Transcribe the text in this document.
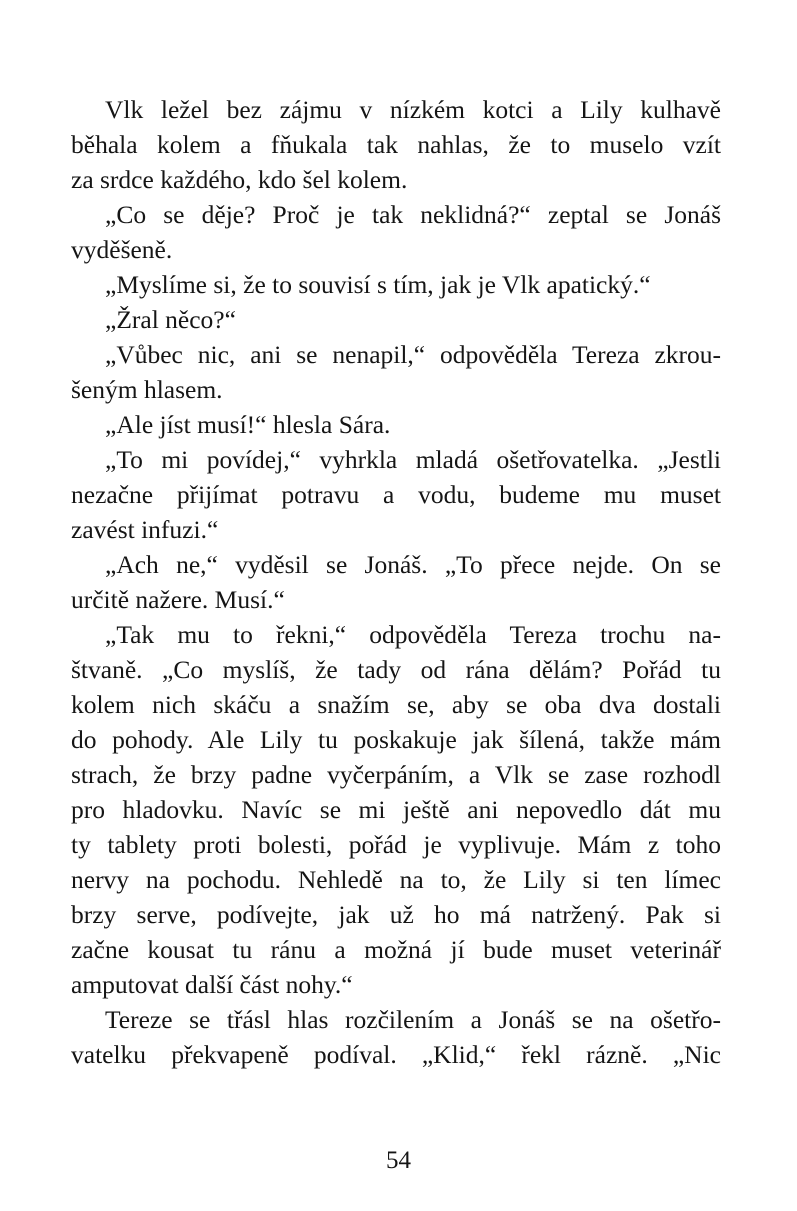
Vlk ležel bez zájmu v nízkém kotci a Lily kulhavě
běhala kolem a fňukala tak nahlas, že to muselo vzít
za srdce každého, kdo šel kolem.
„Co se děje? Proč je tak neklidná?“ zeptal se Jonáš
vyděšeně.
„Myslíme si, že to souvisí s tím, jak je Vlk apatický.“
„Žral něco?“
„Vůbec nic, ani se nenapil,“ odpověděla Tereza zkrou-
šeným hlasem.
„Ale jíst musí!“ hlesla Sára.
„To mi povídej,“ vyhrkla mladá ošetřovatelka. „Jestli
nezačne přijímat potravu a vodu, budeme mu muset
zavést infuzi.“
„Ach ne,“ vyděsil se Jonáš. „To přece nejde. On se
určitě nažere. Musí.“
„Tak mu to řekni,“ odpověděla Tereza trochu na-
štvaně. „Co myslíš, že tady od rána dělám? Pořád tu
kolem nich skáču a snažím se, aby se oba dva dostali
do pohody. Ale Lily tu poskakuje jak šílená, takže mám
strach, že brzy padne vyčerpáním, a Vlk se zase rozhodl
pro hladovku. Navíc se mi ještě ani nepovedlo dát mu
ty tablety proti bolesti, pořád je vyplivuje. Mám z toho
nervy na pochodu. Nehledě na to, že Lily si ten límec
brzy serve, podívejte, jak už ho má natržený. Pak si
začne kousat tu ránu a možná jí bude muset veterinář
amputovat další část nohy.“
Tereze se třásl hlas rozčilením a Jonáš se na ošetřo-
vatelku překvapeně podíval. „Klid,“ řekl rázně. „Nic
54
